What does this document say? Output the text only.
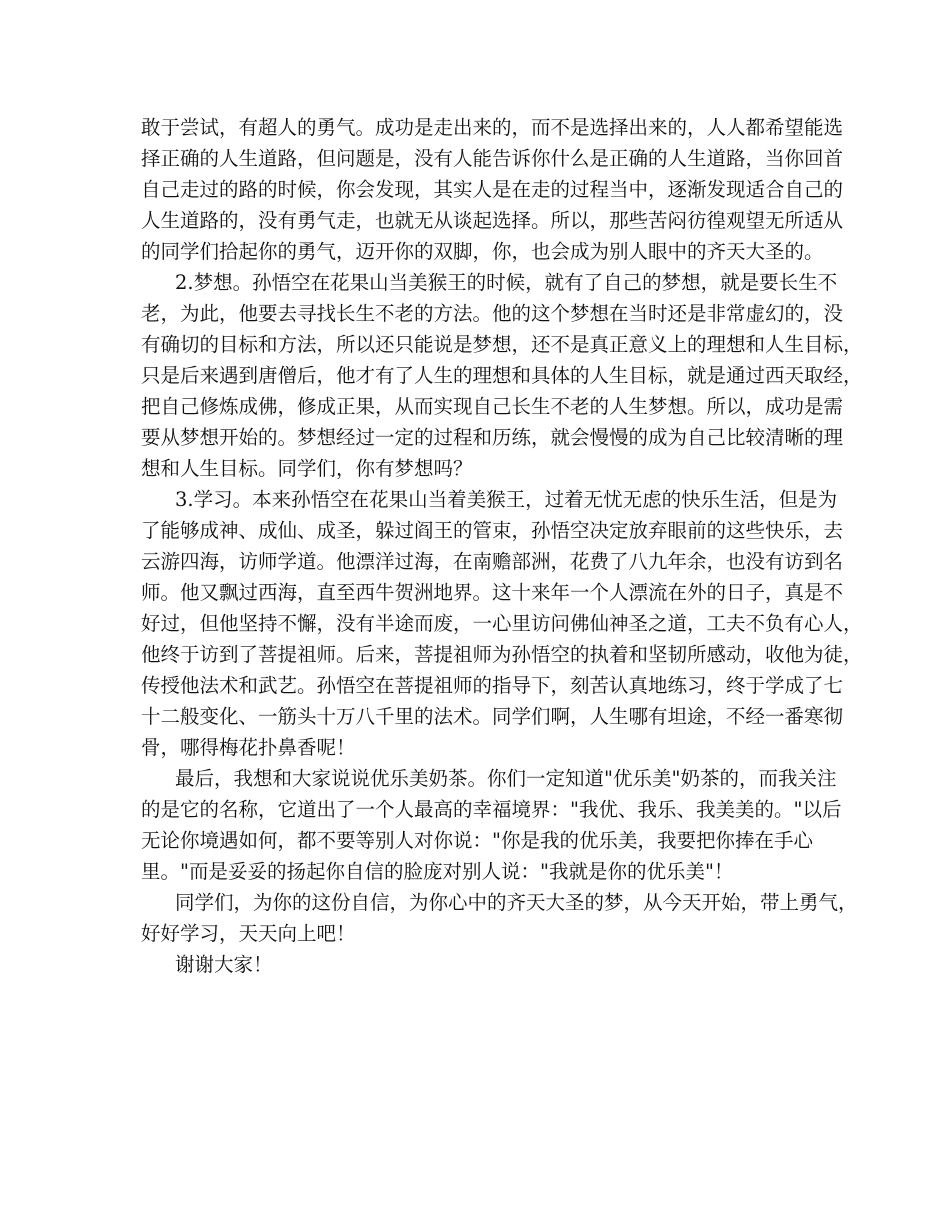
敢于尝试，有超人的勇气。成功是走出来的，而不是选择出来的，人人都希望能选
择正确的人生道路，但问题是，没有人能告诉你什么是正确的人生道路，当你回首
自己走过的路的时候，你会发现，其实人是在走的过程当中，逐渐发现适合自己的
人生道路的，没有勇气走，也就无从谈起选择。所以，那些苦闷彷徨观望无所适从
的同学们拾起你的勇气，迈开你的双脚，你，也会成为别人眼中的齐天大圣的。
2.梦想。孙悟空在花果山当美猴王的时候，就有了自己的梦想，就是要长生不
老，为此，他要去寻找长生不老的方法。他的这个梦想在当时还是非常虚幻的，没
有确切的目标和方法，所以还只能说是梦想，还不是真正意义上的理想和人生目标，
只是后来遇到唐僧后，他才有了人生的理想和具体的人生目标，就是通过西天取经，
把自己修炼成佛，修成正果，从而实现自己长生不老的人生梦想。所以，成功是需
要从梦想开始的。梦想经过一定的过程和历练，就会慢慢的成为自己比较清晰的理
想和人生目标。同学们，你有梦想吗？
3.学习。本来孙悟空在花果山当着美猴王，过着无忧无虑的快乐生活，但是为
了能够成神、成仙、成圣，躲过阎王的管束，孙悟空决定放弃眼前的这些快乐，去
云游四海，访师学道。他漂洋过海，在南赡部洲，花费了八九年余，也没有访到名
师。他又飘过西海，直至西牛贺洲地界。这十来年一个人漂流在外的日子，真是不
好过，但他坚持不懈，没有半途而废，一心里访问佛仙神圣之道，工夫不负有心人，
他终于访到了菩提祖师。后来，菩提祖师为孙悟空的执着和坚韧所感动，收他为徒，
传授他法术和武艺。孙悟空在菩提祖师的指导下，刻苦认真地练习，终于学成了七
十二般变化、一筋头十万八千里的法术。同学们啊，人生哪有坦途，不经一番寒彻
骨，哪得梅花扑鼻香呢！
最后，我想和大家说说优乐美奶茶。你们一定知道"优乐美"奶茶的，而我关注
的是它的名称，它道出了一个人最高的幸福境界："我优、我乐、我美美的。"以后
无论你境遇如何，都不要等别人对你说："你是我的优乐美，我要把你捧在手心
里。"而是妥妥的扬起你自信的脸庞对别人说："我就是你的优乐美"！
同学们，为你的这份自信，为你心中的齐天大圣的梦，从今天开始，带上勇气，
好好学习，天天向上吧！
谢谢大家！
